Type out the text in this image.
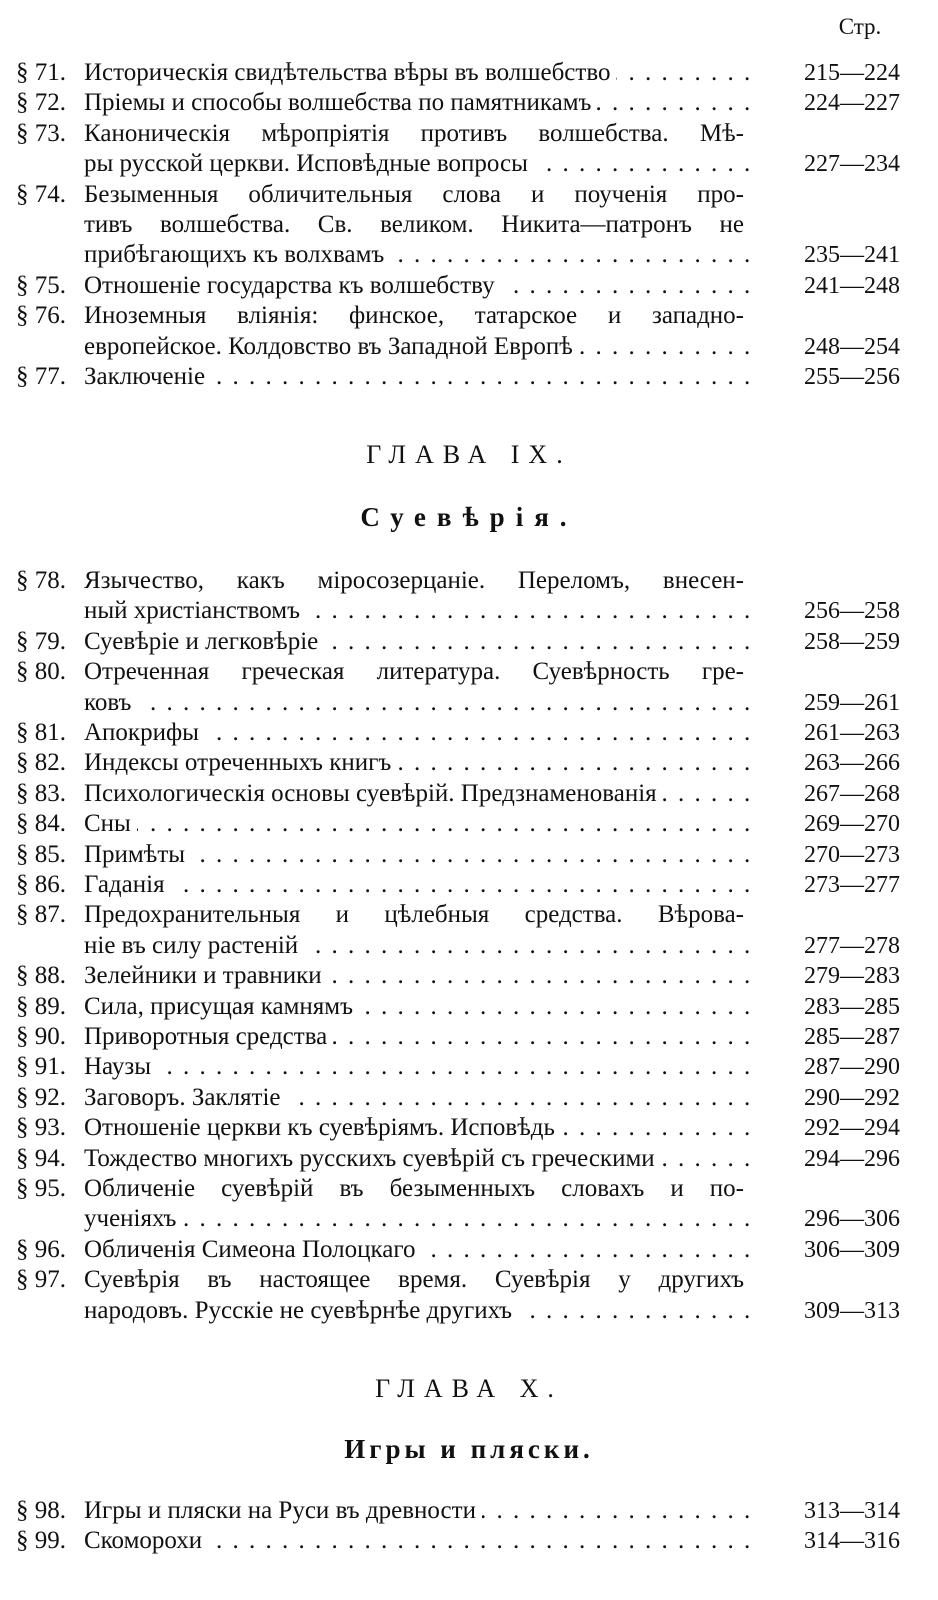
Стр.
§ 71. Историческія свидѣтельства вѣры въ волшебство . . .	215—224
§ 72. Пріемы и способы волшебства по памятникамъ . . .	224—227
§ 73. Каноническія мѣропріятія противъ волшебства. Мѣ-
ры русской церкви. Исповѣдные вопросы . . .	227—234
§ 74. Безыменныя обличительныя слова и поученія про-
тивъ волшебства. Св. великом. Никита—патронъ не
прибѣгающихъ къ волхвамъ . . .	235—241
§ 75. Отношеніе государства къ волшебству . . .	241—248
§ 76. Иноземныя вліянія: финское, татарское и западно-
европейское. Колдовство въ Западной Европѣ . . .	248—254
§ 77. Заключеніе . . .	255—256
ГЛАВА IX.
Суевѣрія.
§ 78. Язычество, какъ міросозерцаніе. Переломъ, внесен-
ный христіанствомъ . . .	256—258
§ 79. Суевѣріе и легковѣріе . . .	258—259
§ 80. Отреченная греческая литература. Суевѣрность гре-
ковъ . . .	259—261
§ 81. Апокрифы . . .	261—263
§ 82. Индексы отреченныхъ книгъ . . .	263—266
§ 83. Психологическія основы суевѣрій. Предзнаменованія . . .	267—268
§ 84. Сны . . .	269—270
§ 85. Примѣты . . .	270—273
§ 86. Гаданія . . .	273—277
§ 87. Предохранительныя и цѣлебныя средства. Вѣрова-
ніе въ силу растеній . . .	277—278
§ 88. Зелейники и травники . . .	279—283
§ 89. Сила, присущая камнямъ . . .	283—285
§ 90. Приворотныя средства . . .	285—287
§ 91. Наузы . . .	287—290
§ 92. Заговоръ. Заклятіе . . .	290—292
§ 93. Отношеніе церкви къ суевѣріямъ. Исповѣдь . . .	292—294
§ 94. Тождество многихъ русскихъ суевѣрій съ греческими . . .	294—296
§ 95. Обличеніе суевѣрій въ безыменныхъ словахъ и по-
ученіяхъ . . .	296—306
§ 96. Обличенія Симеона Полоцкаго . . .	306—309
§ 97. Суевѣрія въ настоящее время. Суевѣрія у другихъ
народовъ. Русскіе не суевѣрнѣе другихъ . . .	309—313
ГЛАВА X.
Игры и пляски.
§ 98. Игры и пляски на Руси въ древности . . .	313—314
§ 99. Скоморохи . . .	314—316
